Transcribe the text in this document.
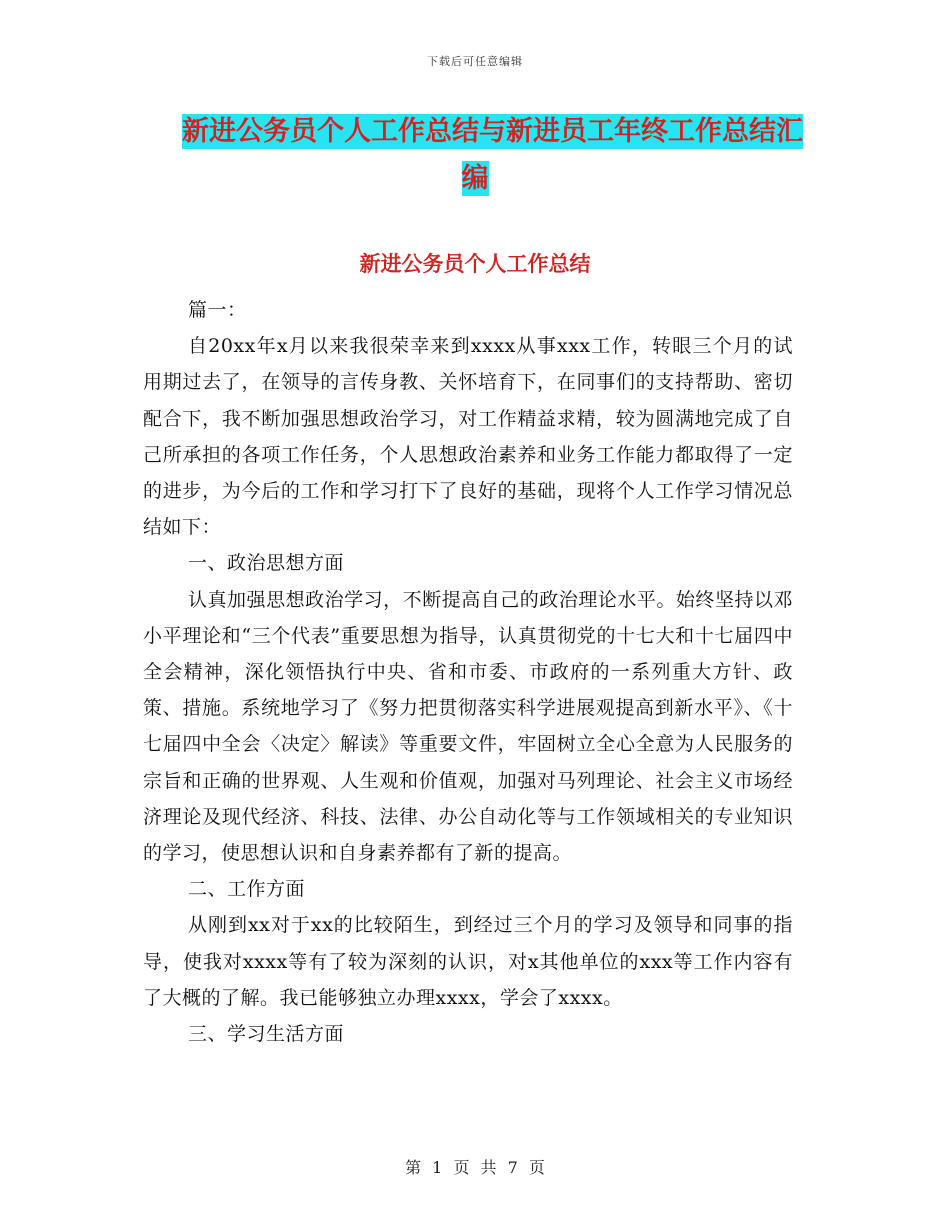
下载后可任意编辑
新进公务员个人工作总结与新进员工年终工作总结汇
编
新进公务员个人工作总结

篇一：

自20xx年x月以来我很荣幸来到xxxx从事xxx工作，转眼三个月的试用期过去了，在领导的言传身教、关怀培育下，在同事们的支持帮助、密切配合下，我不断加强思想政治学习，对工作精益求精，较为圆满地完成了自己所承担的各项工作任务，个人思想政治素养和业务工作能力都取得了一定的进步，为今后的工作和学习打下了良好的基础，现将个人工作学习情况总结如下：

一、政治思想方面

认真加强思想政治学习，不断提高自己的政治理论水平。始终坚持以邓小平理论和“三个代表”重要思想为指导，认真贯彻党的十七大和十七届四中全会精神，深化领悟执行中央、省和市委、市政府的一系列重大方针、政策、措施。系统地学习了《努力把贯彻落实科学进展观提高到新水平》、《十七届四中全会〈决定〉解读》等重要文件，牢固树立全心全意为人民服务的宗旨和正确的世界观、人生观和价值观，加强对马列理论、社会主义市场经济理论及现代经济、科技、法律、办公自动化等与工作领域相关的专业知识的学习，使思想认识和自身素养都有了新的提高。

二、工作方面

从刚到xx对于xx的比较陌生，到经过三个月的学习及领导和同事的指导，使我对xxxx等有了较为深刻的认识，对x其他单位的xxx等工作内容有了大概的了解。我已能够独立办理xxxx，学会了xxxx。

三、学习生活方面

第 1 页 共 7 页
